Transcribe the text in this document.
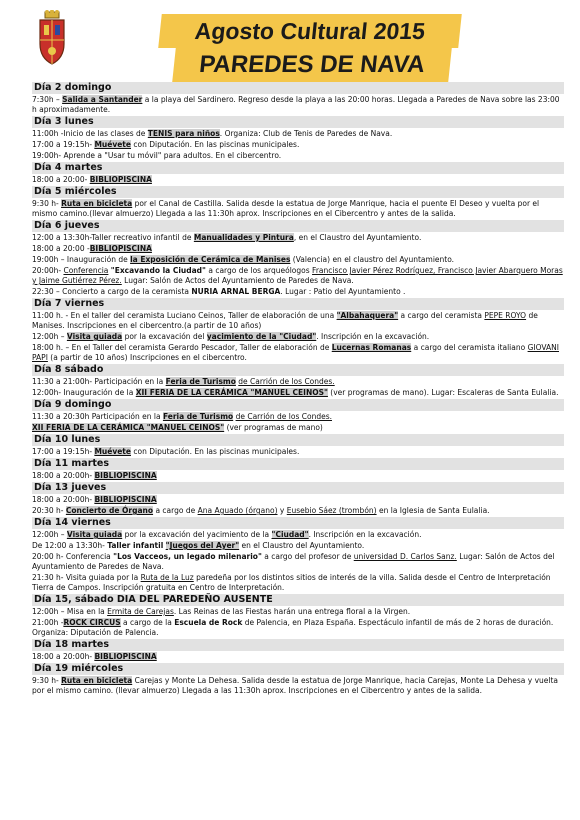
Agosto Cultural 2015
PAREDES DE NAVA
Día 2 domingo
7:30h – Salida a Santander a la playa del Sardinero. Regreso desde la playa a las 20:00 horas. Llegada a Paredes de Nava sobre las 23:00 h aproximadamente.
Día 3 lunes
11:00h -Inicio de las clases de TENIS para niños. Organiza: Club de Tenis de Paredes de Nava.
17:00 a 19:15h- Muévete con Diputación. En las piscinas municipales.
19:00h- Aprende a "Usar tu móvil" para adultos. En el cibercentro.
Día 4 martes
18:00 a 20:00- BIBLIOPISCINA
Día 5 miércoles
9:30 h- Ruta en bicicleta por el Canal de Castilla. Salida desde la estatua de Jorge Manrique, hacia el puente El Deseo y vuelta por el mismo camino.(llevar almuerzo) Llegada a las 11:30h aprox. Inscripciones en el Cibercentro y antes de la salida.
Día 6 jueves
12:00 a 13:30h-Taller recreativo infantil de Manualidades y Pintura, en el Claustro del Ayuntamiento.
18:00 a 20:00 -BIBLIOPISCINA
19:00h – Inauguración de la Exposición de Cerámica de Manises (Valencia) en el claustro del Ayuntamiento.
20:00h- Conferencia "Excavando la Ciudad" a cargo de los arqueólogos Francisco Javier Pérez Rodríguez, Francisco Javier Abarquero Moras y Jaime Gutiérrez Pérez. Lugar: Salón de Actos del Ayuntamiento de Paredes de Nava.
22:30 – Concierto a cargo de la ceramista NURIA ARNAL BERGA. Lugar : Patio del Ayuntamiento .
Día 7 viernes
11:00 h. - En el taller del ceramista Luciano Ceinos, Taller de elaboración de una "Albahaquera" a cargo del ceramista PEPE ROYO de Manises. Inscripciones en el cibercentro.(a partir de 10 años)
12:00h – Visita guiada por la excavación del yacimiento de la "Ciudad". Inscripción en la excavación.
18:00 h. – En el Taller del ceramista Gerardo Pescador, Taller de elaboración de Lucernas Romanas a cargo del ceramista italiano GIOVANI PAPI (a partir de 10 años) Inscripciones en el cibercentro.
Día 8 sábado
11:30 a 21:00h- Participación en la Feria de Turismo de Carrión de los Condes.
12:00h- Inauguración de la XII FERIA DE LA CERÁMICA "MANUEL CEINOS" (ver programas de mano). Lugar: Escaleras de Santa Eulalia.
Día 9 domingo
11:30 a 20:30h Participación en la Feria de Turismo de Carrión de los Condes.
XII FERIA DE LA CERÁMICA "MANUEL CEINOS" (ver programas de mano)
Día 10 lunes
17:00 a 19:15h- Muévete con Diputación. En las piscinas municipales.
Día 11 martes
18:00 a 20:00h- BIBLIOPISCINA
Día 13 jueves
18:00 a 20:00h- BIBLIOPISCINA
20:30 h- Concierto de Órgano a cargo de Ana Aguado (órgano) y Eusebio Sáez (trombón) en la Iglesia de Santa Eulalia.
Día 14 viernes
12:00h – Visita guiada por la excavación del yacimiento de la "Ciudad". Inscripción en la excavación.
De 12:00 a 13:30h- Taller infantil "Juegos del Ayer" en el Claustro del Ayuntamiento.
20:00 h- Conferencia "Los Vacceos, un legado milenario" a cargo del profesor de universidad D. Carlos Sanz. Lugar: Salón de Actos del Ayuntamiento de Paredes de Nava.
21:30 h- Visita guiada por la Ruta de la Luz paredeña por los distintos sitios de interés de la villa. Salida desde el Centro de Interpretación Tierra de Campos. Inscripción gratuita en Centro de Interpretación.
Día 15, sábado DIA DEL PAREDEÑO AUSENTE
12:00h – Misa en la Ermita de Carejas. Las Reinas de las Fiestas harán una entrega floral a la Virgen.
21:00h -ROCK CIRCUS a cargo de la Escuela de Rock de Palencia, en Plaza España. Espectáculo infantil de más de 2 horas de duración. Organiza: Diputación de Palencia.
Día 18 martes
18:00 a 20:00h- BIBLIOPISCINA
Día 19 miércoles
9:30 h- Ruta en bicicleta Carejas y Monte La Dehesa. Salida desde la estatua de Jorge Manrique, hacia Carejas, Monte La Dehesa y vuelta por el mismo camino. (llevar almuerzo) Llegada a las 11:30h aprox. Inscripciones en el Cibercentro y antes de la salida.
